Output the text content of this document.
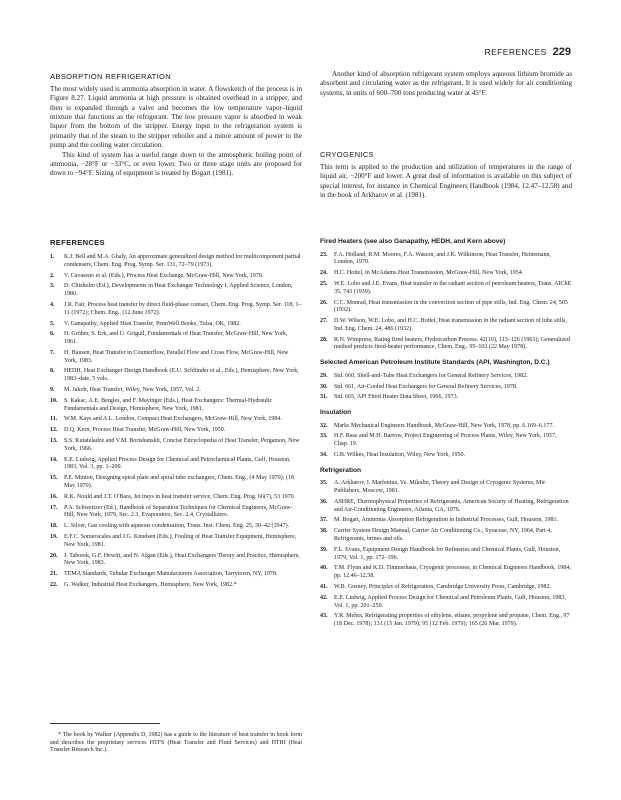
REFERENCES 229
ABSORPTION REFRIGERATION

The most widely used is ammonia absorption in water. A flowsketch of the process is in Figure 8.27. Liquid ammonia at high pressure is obtained overhead in a stripper, and then is expanded through a valve and becomes the low temperature vapor–liquid mixture that functions as the refrigerant. The low pressure vapor is absorbed in weak liquor from the bottom of the stripper. Energy input to the refrigeration system is primarily that of the steam to the stripper reboiler and a minor amount of power to the pump and the cooling water circulation.

This kind of system has a useful range down to the atmospheric boiling point of ammonia, −28°F or −33°C, or even lower. Two or three stage units are proposed for down to −94°F. Sizing of equipment is treated by Bogart (1981).

Another kind of absorption refrigerant system employs aqueous lithium bromide as absorbent and circulating water as the refrigerant. It is used widely for air conditioning systems, in units of 600–700 tons producing water at 45°F.

CRYOGENICS

This term is applied to the production and utilization of temperatures in the range of liquid air, −200°F and lower. A great deal of information is available on this subject of special interest, for instance in Chemical Engineers Handbook (1984, 12.47–12.58) and in the book of Arkharov et al. (1981).

REFERENCES
1. K.J. Bell and M.A. Ghaly, An approximate generalized design method for multicomponent partial condensers, Chem. Eng. Prog. Symp. Ser. 131, 72–79 (1973).
2. V. Cavaseno et al. (Eds.), Process Heat Exchange, McGraw-Hill, New York, 1979.
3. D. Chisholm (Ed.), Developments in Heat Exchanger Technology I, Applied Science, London, 1980.
4. J.R. Fair, Process heat transfer by direct fluid-phase contact, Chem. Eng. Prog. Symp. Ser. 118, 1–11 (1972); Chem. Eng., (12 June 1972).
5. V. Ganapathy, Applied Heat Transfer, PennWell Books, Tulsa, OK, 1982.
6. H. Gröber, S. Erk, and U. Grigull, Fundamentals of Heat Transfer, McGraw-Hill, New York, 1961.
7. H. Hausen, Heat Transfer in Counterflow, Parallel Flow and Cross Flow, McGraw-Hill, New York, 1983.
8. HEDH, Heat Exchanger Design Handbook (E.U. Schlünder et al., Eds.), Hemisphere, New York, 1983–date, 5 vols.
9. M. Jakob, Heat Transfer, Wiley, New York, 1957, Vol. 2.
10. S. Kakac, A.E. Bergles, and F. Mayinger (Eds.), Heat Exchangers: Thermal-Hydraulic Fundamentals and Design, Hemisphere, New York, 1981.
11. W.M. Kays and A.L. London, Compact Heat Exchangers, McGraw-Hill, New York, 1984.
12. D.Q. Kern, Process Heat Transfer, McGraw-Hill, New York, 1950.
13. S.S. Kutateladze and V.M. Borishanskii, Concise Encyclopedia of Heat Transfer, Pergamon, New York, 1966.
14. E.E. Ludwig, Applied Process Design for Chemical and Petrochemical Plants, Gulf, Houston, 1983, Vol. 3, pp. 1–200.
15. P.E. Minton, Designing spiral plate and spiral tube exchangers, Chem. Eng., (4 May 1970); (18 May 1970).
16. R.K. Nould and J.T. O'Bara, Jet trays in heat transfer service, Chem. Eng. Prog. 66(7), 53 1970.
17. P.A. Schweitzer (Ed.), Handbook of Separation Techniques for Chemical Engineers, McGraw-Hill, New York, 1979, Sec. 2.3, Evaporators, Sec. 2.4, Crystallizers.
18. L. Silver, Gas cooling with aqueous condensation, Trans. Inst. Chem. Eng. 25, 30–42 (1947).
19. E.F.C. Somerscales and J.G. Knudsen (Eds.), Fouling of Heat Transfer Equipment, Hemisphere, New York, 1981.
20. J. Taborek, G.F. Hewitt, and N. Afgan (Eds.), Heat Exchangers Theory and Practice, Hemisphere, New York, 1983.
21. TEMA Standards, Tubular Exchanger Manufacturers Association, Tarrytown, NY, 1978.
22. G. Walker, Industrial Heat Exchangers, Hemisphere, New York, 1982.*
Fired Heaters (see also Ganapathy, HEDH, and Kern above)
23. F.A. Holland, R.M. Moores, F.A. Watson, and J.K. Wilkinson, Heat Transfer, Heinemann, London, 1970.
24. H.C. Hottel, in McAdams Heat Transmission, McGraw-Hill, New York, 1954.
25. W.E. Lobo and J.E. Evans, Heat transfer in the radiant section of petroleum heaters, Trans. AIChE 35, 743 (1939).
26. C.C. Monrad, Heat transmission in the convection section of pipe stills, Ind. Eng. Chem. 24, 505 (1932).
27. D.W. Wilson, W.E. Lobo, and H.C. Hottel, Heat transmission in the radiant section of tube stills, Ind. Eng. Chem. 24, 486 (1932).
28. R.N. Wimpress, Rating fired heaters, Hydrocarbon Process. 42(10), 115–126 (1963); Generalized method predicts fired-heater performance, Chem. Eng., 95–102 (22 May 1978).
Selected American Petroleum Institute Standards (API, Washington, D.C.)
29. Std. 660, Shell-and-Tube Heat Exchangers for General Refinery Services, 1982.
30. Std. 661, Air-Cooled Heat Exchangers for General Refinery Services, 1978.
31. Std. 665, API Fired Heater Data Sheet, 1966, 1973.
Insulation
32. Marks Mechanical Engineers Handbook, McGraw-Hill, New York, 1978, pp. 6.169–6.177.
33. H.F. Rase and M.H. Barrow, Project Engineering of Process Plants, Wiley, New York, 1957, Chap. 19.
34. G.B. Wilkes, Heat Insulation, Wiley, New York, 1950.
Refrigeration
35. A. Arkharov, I. Marfenina, Ye. Mikulin, Theory and Design of Cryogenic Systems, Mir Publishers, Moscow, 1981.
36. ASHRE, Thermophysical Properties of Refrigerants, American Society of Heating, Refrigeration and Air-Conditioning Engineers, Atlanta, GA, 1976.
37. M. Bogart, Ammonia Absorption Refrigeration in Industrial Processes, Gulf, Houston, 1981.
38. Carrier System Design Manual, Carrier Air Conditioning Co., Syracuse, NY, 1964, Part 4, Refrigerants, brines and oils.
39. F.L. Evans, Equipment Design Handbook for Refineries and Chemical Plants, Gulf, Houston, 1979, Vol. 1, pp. 172–196.
40. T.M. Flynn and K.D. Timmerhaus, Cryogenic processes, in Chemical Engineers Handbook, 1984, pp. 12.46–12.58.
41. W.B. Gosney, Principles of Refrigeration, Cambridge University Press, Cambridge, 1982.
42. E.E. Ludwig, Applied Process Design for Chemical and Petroleum Plants, Gulf, Houston, 1983, Vol. 1, pp. 201–250.
43. Y.R. Mehra, Refrigerating properties of ethylene, ethane, propylene and propane, Chem. Eng., 97 (18 Dec. 1978); 131 (15 Jan. 1979); 95 (12 Feb. 1979); 165 (26 Mar. 1979).

* The book by Walker (Appendix D, 1982) has a guide to the literature of heat transfer in book form and describes the proprietary services HTFS (Heat Transfer and Fluid Services) and HTRI (Heat Transfer Research Inc.).
